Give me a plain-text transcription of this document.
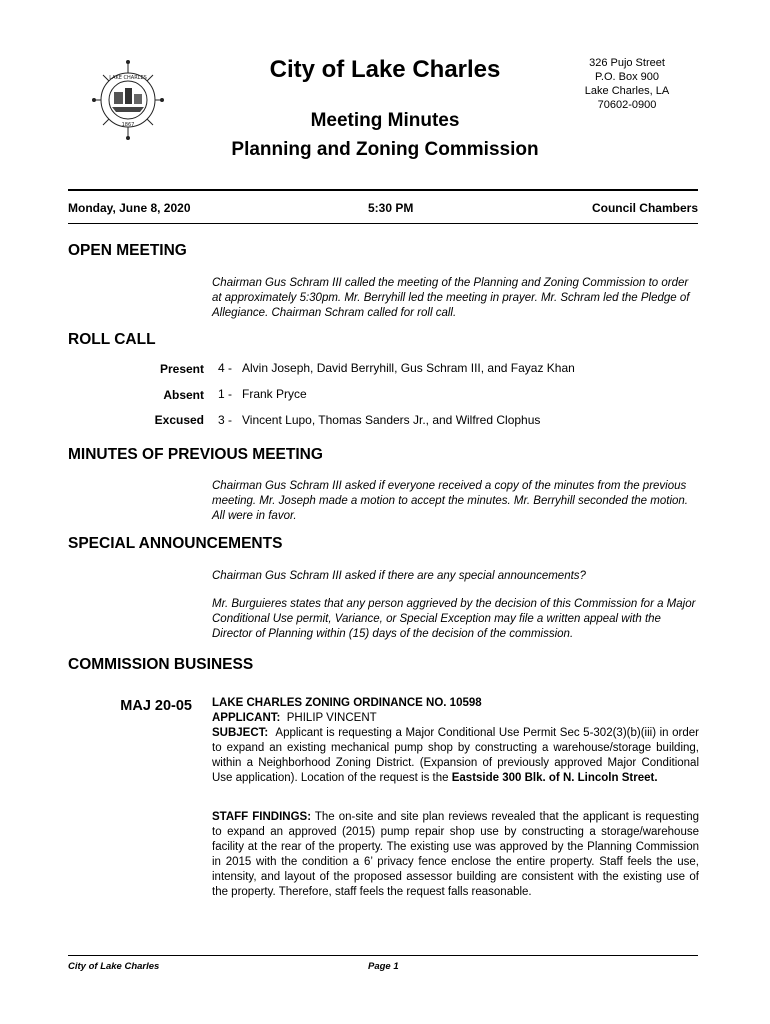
LAKE CHARLES
1867
City of Lake Charles	326 Pujo Street
P.O. Box 900
Lake Charles, LA
70602-0900
Meeting Minutes
Planning and Zoning Commission
Monday, June 8, 2020	5:30 PM	Council Chambers
OPEN MEETING
Chairman Gus Schram III called the meeting of the Planning and Zoning Commission to order at approximately 5:30pm. Mr. Berryhill led the meeting in prayer. Mr. Schram led the Pledge of Allegiance. Chairman Schram called for roll call.
ROLL CALL
Present 4 - Alvin Joseph, David Berryhill, Gus Schram III, and Fayaz Khan
Absent 1 - Frank Pryce
Excused 3 - Vincent Lupo, Thomas Sanders Jr., and Wilfred Clophus
MINUTES OF PREVIOUS MEETING
Chairman Gus Schram III asked if everyone received a copy of the minutes from the previous meeting. Mr. Joseph made a motion to accept the minutes. Mr. Berryhill seconded the motion. All were in favor.
SPECIAL ANNOUNCEMENTS
Chairman Gus Schram III asked if there are any special announcements?
Mr. Burguieres states that any person aggrieved by the decision of this Commission for a Major Conditional Use permit, Variance, or Special Exception may file a written appeal with the Director of Planning within (15) days of the decision of the commission.
COMMISSION BUSINESS
MAJ 20-05 LAKE CHARLES ZONING ORDINANCE NO. 10598
APPLICANT: PHILIP VINCENT
SUBJECT: Applicant is requesting a Major Conditional Use Permit Sec 5-302(3)(b)(iii) in order to expand an existing mechanical pump shop by constructing a warehouse/storage building, within a Neighborhood Zoning District. (Expansion of previously approved Major Conditional Use application). Location of the request is the Eastside 300 Blk. of N. Lincoln Street.
STAFF FINDINGS: The on-site and site plan reviews revealed that the applicant is requesting to expand an approved (2015) pump repair shop use by constructing a storage/warehouse facility at the rear of the property. The existing use was approved by the Planning Commission in 2015 with the condition a 6’ privacy fence enclose the entire property. Staff feels the use, intensity, and layout of the proposed assessor building are consistent with the existing use of the property. Therefore, staff feels the request falls reasonable.
City of Lake Charles	Page 1
